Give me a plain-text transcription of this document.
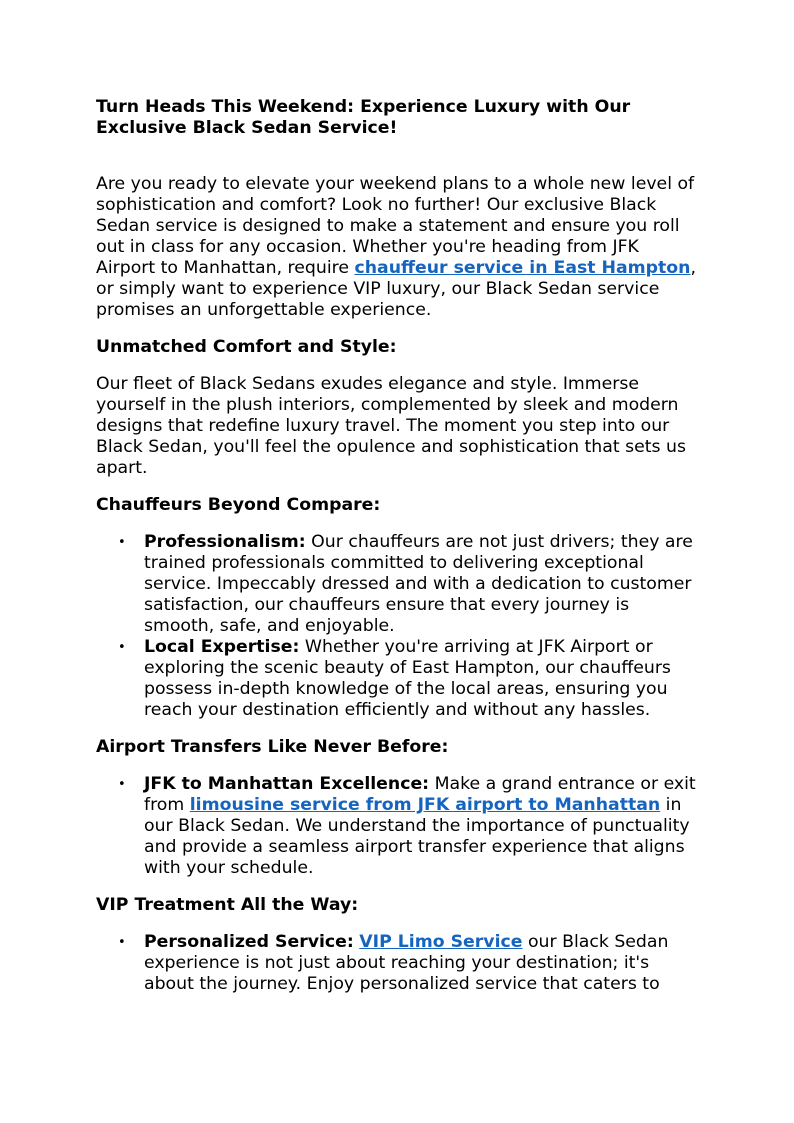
Turn Heads This Weekend: Experience Luxury with Our Exclusive Black Sedan Service!

Are you ready to elevate your weekend plans to a whole new level of sophistication and comfort? Look no further! Our exclusive Black Sedan service is designed to make a statement and ensure you roll out in class for any occasion. Whether you're heading from JFK Airport to Manhattan, require chauffeur service in East Hampton, or simply want to experience VIP luxury, our Black Sedan service promises an unforgettable experience.

Unmatched Comfort and Style:

Our fleet of Black Sedans exudes elegance and style. Immerse yourself in the plush interiors, complemented by sleek and modern designs that redefine luxury travel. The moment you step into our Black Sedan, you'll feel the opulence and sophistication that sets us apart.

Chauffeurs Beyond Compare:
• Professionalism: Our chauffeurs are not just drivers; they are trained professionals committed to delivering exceptional service. Impeccably dressed and with a dedication to customer satisfaction, our chauffeurs ensure that every journey is smooth, safe, and enjoyable.
• Local Expertise: Whether you're arriving at JFK Airport or exploring the scenic beauty of East Hampton, our chauffeurs possess in-depth knowledge of the local areas, ensuring you reach your destination efficiently and without any hassles.
Airport Transfers Like Never Before:
• JFK to Manhattan Excellence: Make a grand entrance or exit from limousine service from JFK airport to Manhattan in our Black Sedan. We understand the importance of punctuality and provide a seamless airport transfer experience that aligns with your schedule.
VIP Treatment All the Way:
• Personalized Service: VIP Limo Service our Black Sedan experience is not just about reaching your destination; it's about the journey. Enjoy personalized service that caters to
